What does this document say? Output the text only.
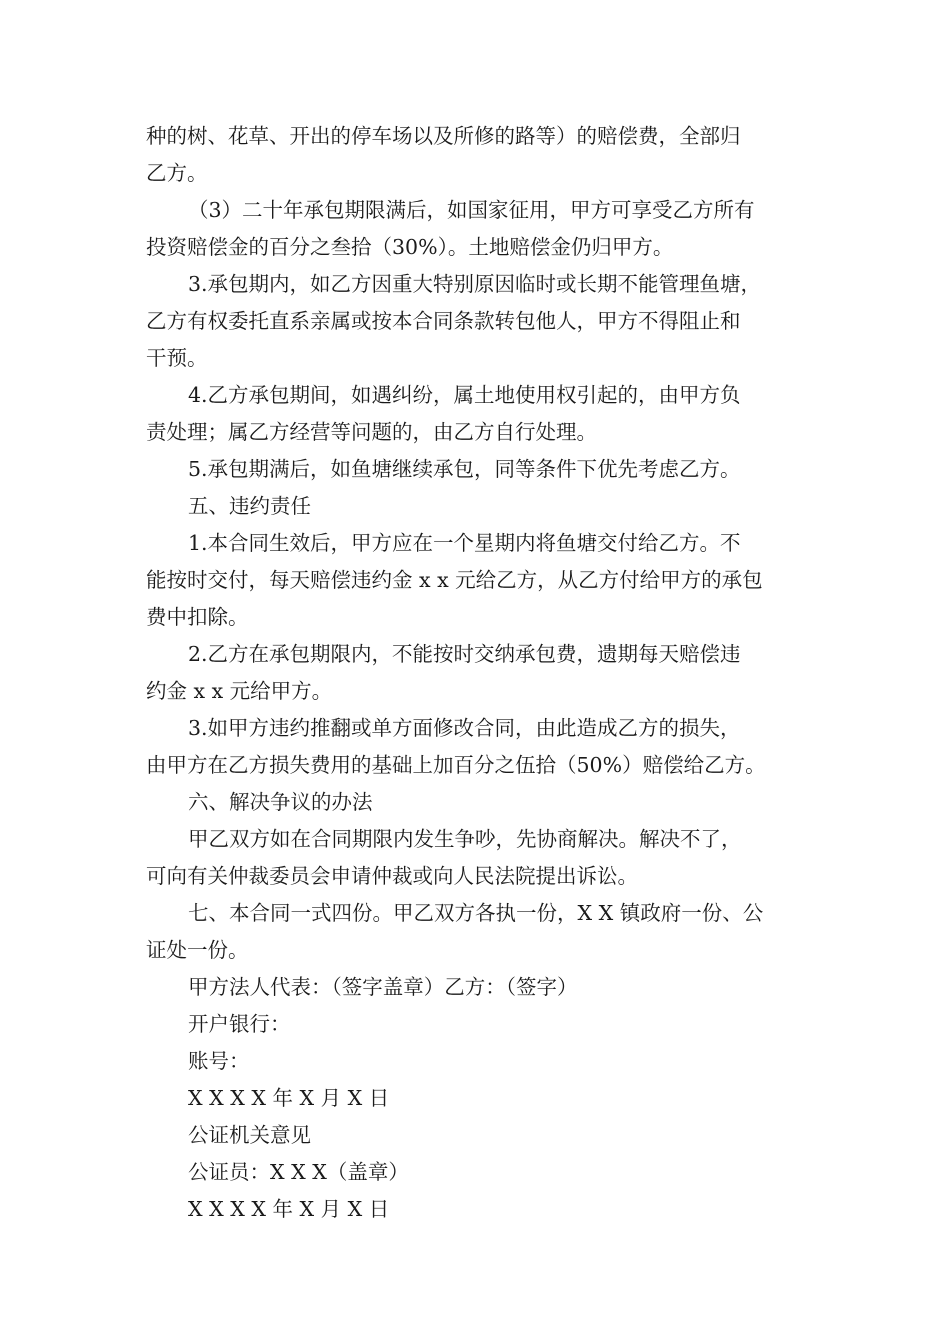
种的树、花草、开出的停车场以及所修的路等）的赔偿费，全部归
乙方。

（3）二十年承包期限满后，如国家征用，甲方可享受乙方所有
投资赔偿金的百分之叁拾（30%）。土地赔偿金仍归甲方。

3.承包期内，如乙方因重大特别原因临时或长期不能管理鱼塘，
乙方有权委托直系亲属或按本合同条款转包他人，甲方不得阻止和
干预。

4.乙方承包期间，如遇纠纷，属土地使用权引起的，由甲方负
责处理；属乙方经营等问题的，由乙方自行处理。

5.承包期满后，如鱼塘继续承包，同等条件下优先考虑乙方。

五、违约责任

1.本合同生效后，甲方应在一个星期内将鱼塘交付给乙方。不
能按时交付，每天赔偿违约金 x x 元给乙方，从乙方付给甲方的承包
费中扣除。

2.乙方在承包期限内，不能按时交纳承包费，遗期每天赔偿违
约金 x x 元给甲方。

3.如甲方违约推翻或单方面修改合同，由此造成乙方的损失，
由甲方在乙方损失费用的基础上加百分之伍拾（50%）赔偿给乙方。

六、解决争议的办法

甲乙双方如在合同期限内发生争吵，先协商解决。解决不了，
可向有关仲裁委员会申请仲裁或向人民法院提出诉讼。

七、本合同一式四份。甲乙双方各执一份，X X 镇政府一份、公
证处一份。

甲方法人代表：（签字盖章）乙方：（签字）
开户银行：
账号：
X X X X 年 X 月 X 日
公证机关意见
公证员：X X X（盖章）
X X X X 年 X 月 X 日
